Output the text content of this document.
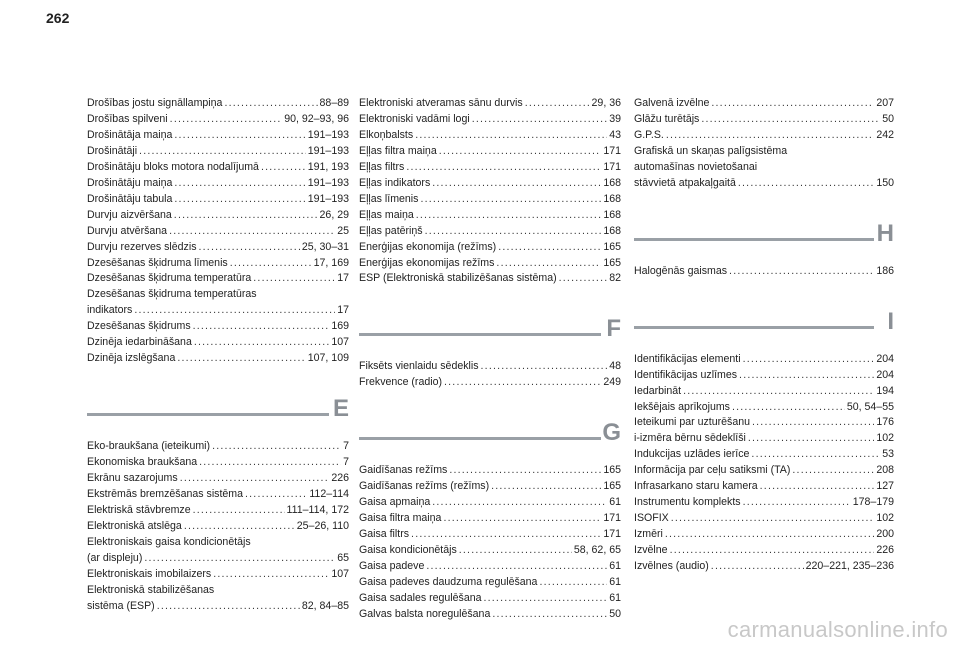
262
Drošības jostu signāllampiņa .....	88–89
Drošības spilveni .....	90, 92–93, 96
Drošinātāja maiņa .....	191–193
Drošinātāji .....	191–193
Drošinātāju bloks motora nodalījumā .....	191, 193
Drošinātāju maiņa .....	191–193
Drošinātāju tabula .....	191–193
Durvju aizvēršana .....	26, 29
Durvju atvēršana .....	25
Durvju rezerves slēdzis .....	25, 30–31
Dzesēšanas šķidruma līmenis .....	17, 169
Dzesēšanas šķidruma temperatūra .....	17
Dzesēšanas šķidruma temperatūras
indikators .....	17
Dzesēšanas šķidrums .....	169
Dzinēja iedarbināšana .....	107
Dzinēja izslēgšana .....	107, 109
E
Eko-braukšana (ieteikumi) .....	7
Ekonomiska braukšana .....	7
Ekrānu sazarojums .....	226
Ekstrēmās bremzēšanas sistēma .....	112–114
Elektriskā stāvbremze .....	111–114, 172
Elektroniskā atslēga .....	25–26, 110
Elektroniskais gaisa kondicionētājs
(ar displeju) .....	65
Elektroniskais imobilaizers .....	107
Elektroniskā stabilizēšanas
sistēma (ESP) .....	82, 84–85
Elektroniski atveramas sānu durvis .....	29, 36
Elektroniski vadāmi logi .....	39
Elkoņbalsts .....	43
Eļļas filtra maiņa .....	171
Eļļas filtrs .....	171
Eļļas indikators .....	168
Eļļas līmenis .....	168
Eļļas maiņa .....	168
Eļļas patēriņš .....	168
Enerģijas ekonomija (režīms) .....	165
Enerģijas ekonomijas režīms .....	165
ESP (Elektroniskā stabilizēšanas sistēma) .....	82
F
Fiksēts vienlaidu sēdeklis .....	48
Frekvence (radio) .....	249
G
Gaidīšanas režīms .....	165
Gaidīšanas režīms (režīms) .....	165
Gaisa apmaiņa .....	61
Gaisa filtra maiņa .....	171
Gaisa filtrs .....	171
Gaisa kondicionētājs .....	58, 62, 65
Gaisa padeve .....	61
Gaisa padeves daudzuma regulēšana .....	61
Gaisa sadales regulēšana .....	61
Galvas balsta noregulēšana .....	50
Galvenā izvēlne .....	207
Glāžu turētājs .....	50
G.P.S. .....	242
Grafiskā un skaņas palīgsistēma
automašīnas novietošanai
stāvvietā atpakaļgaitā .....	150
H
Halogēnās gaismas .....	186
I
Identifikācijas elementi .....	204
Identifikācijas uzlīmes .....	204
Iedarbināt .....	194
Iekšējais aprīkojums .....	50, 54–55
Ieteikumi par uzturēšanu .....	176
i-izmēra bērnu sēdeklīši .....	102
Indukcijas uzlādes ierīce .....	53
Informācija par ceļu satiksmi (TA) .....	208
Infrasarkano staru kamera .....	127
Instrumentu komplekts .....	178–179
ISOFIX .....	102
Izmēri .....	200
Izvēlne .....	226
Izvēlnes (audio) .....	220–221, 235–236
carmanualsonline.info
